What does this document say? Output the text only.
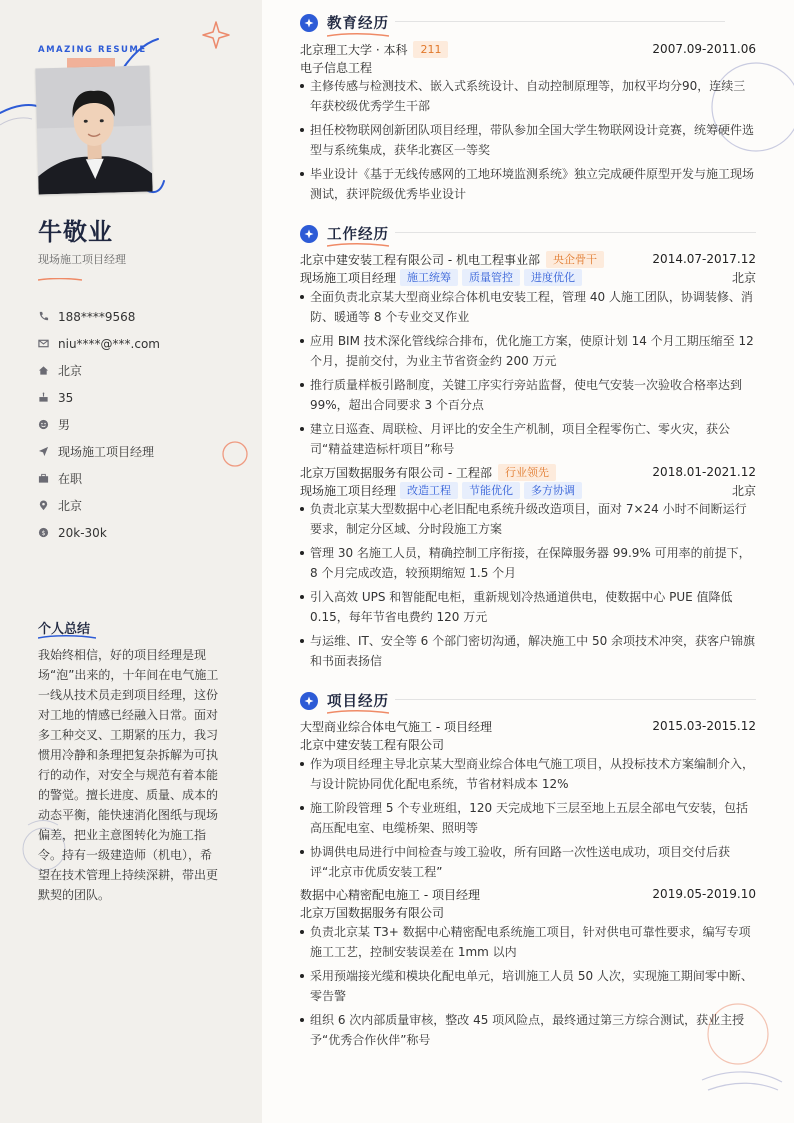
AMAZING RESUME
牛敬业
现场施工项目经理
188****9568
niu****@***.com
北京
35
男
现场施工项目经理
在职
北京
$ 20k-30k
个人总结
我始终相信，好的项目经理是现场“泡”出来的，十年间在电气施工一线从技术员走到项目经理，这份对工地的情感已经融入日常。面对多工种交叉、工期紧的压力，我习惯用冷静和条理把复杂拆解为可执行的动作，对安全与规范有着本能的警觉。擅长进度、质量、成本的动态平衡，能快速消化图纸与现场偏差，把业主意图转化为施工指令。持有一级建造师（机电），希望在技术管理上持续深耕，带出更默契的团队。
教育经历
北京理工大学 · 本科	211	2007.09-2011.06
电子信息工程
主修传感与检测技术、嵌入式系统设计、自动控制原理等，加权平均分90，连续三年获校级优秀学生干部
担任校物联网创新团队项目经理，带队参加全国大学生物联网设计竞赛，统筹硬件选型与系统集成，获华北赛区一等奖
毕业设计《基于无线传感网的工地环境监测系统》独立完成硬件原型开发与施工现场测试，获评院级优秀毕业设计
工作经历
北京中建安装工程有限公司 - 机电工程事业部	央企骨干	2014.07-2017.12
现场施工项目经理	施工统筹	质量管控	进度优化	北京
全面负责北京某大型商业综合体机电安装工程，管理 40 人施工团队，协调装修、消防、暖通等 8 个专业交叉作业
应用 BIM 技术深化管线综合排布，优化施工方案，使原计划 14 个月工期压缩至 12 个月，提前交付，为业主节省资金约 200 万元
推行质量样板引路制度，关键工序实行旁站监督，使电气安装一次验收合格率达到 99%，超出合同要求 3 个百分点
建立日巡查、周联检、月评比的安全生产机制，项目全程零伤亡、零火灾，获公司“精益建造标杆项目”称号
北京万国数据服务有限公司 - 工程部	行业领先	2018.01-2021.12
现场施工项目经理	改造工程	节能优化	多方协调	北京
负责北京某大型数据中心老旧配电系统升级改造项目，面对 7×24 小时不间断运行要求，制定分区域、分时段施工方案
管理 30 名施工人员，精确控制工序衔接，在保障服务器 99.9% 可用率的前提下，8 个月完成改造，较预期缩短 1.5 个月
引入高效 UPS 和智能配电柜，重新规划冷热通道供电，使数据中心 PUE 值降低 0.15，每年节省电费约 120 万元
与运维、IT、安全等 6 个部门密切沟通，解决施工中 50 余项技术冲突，获客户锦旗和书面表扬信
项目经历
大型商业综合体电气施工 - 项目经理	2015.03-2015.12
北京中建安装工程有限公司
作为项目经理主导北京某大型商业综合体电气施工项目，从投标技术方案编制介入，与设计院协同优化配电系统，节省材料成本 12%
施工阶段管理 5 个专业班组，120 天完成地下三层至地上五层全部电气安装，包括高压配电室、电缆桥架、照明等
协调供电局进行中间检查与竣工验收，所有回路一次性送电成功，项目交付后获评“北京市优质安装工程”
数据中心精密配电施工 - 项目经理	2019.05-2019.10
北京万国数据服务有限公司
负责北京某 T3+ 数据中心精密配电系统施工项目，针对供电可靠性要求，编写专项施工工艺，控制安装误差在 1mm 以内
采用预端接光缆和模块化配电单元，培训施工人员 50 人次，实现施工期间零中断、零告警
组织 6 次内部质量审核，整改 45 项风险点，最终通过第三方综合测试，获业主授予“优秀合作伙伴”称号
